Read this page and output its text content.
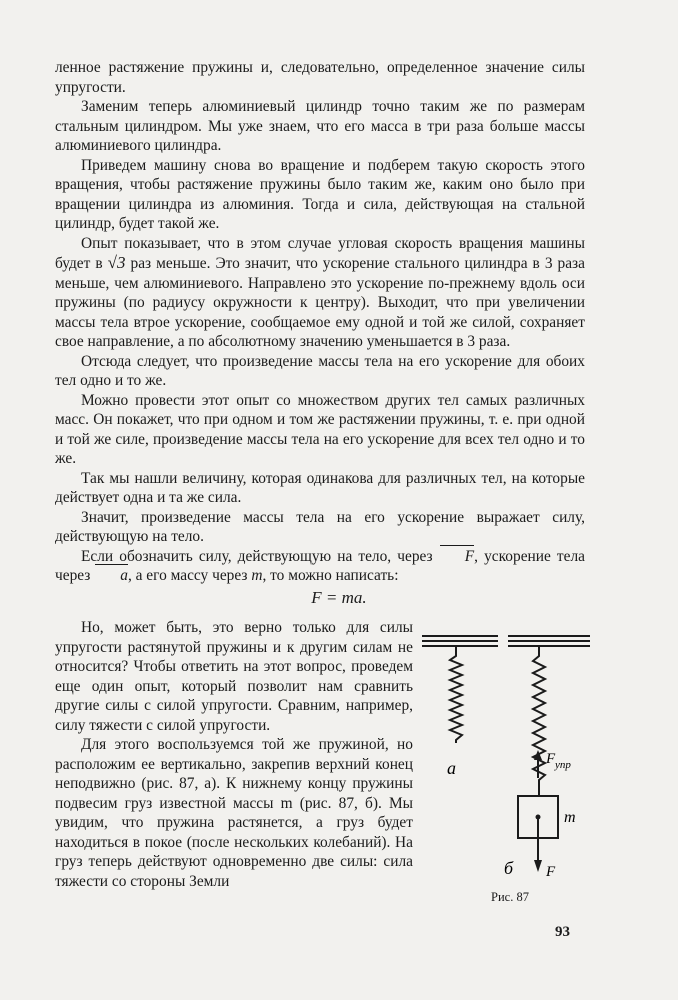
ленное растяжение пружины и, следовательно, определенное значение силы упругости.

Заменим теперь алюминиевый цилиндр точно таким же по размерам стальным цилиндром. Мы уже знаем, что его масса в три раза больше массы алюминиевого цилиндра.

Приведем машину снова во вращение и подберем такую скорость этого вращения, чтобы растяжение пружины было таким же, каким оно было при вращении цилиндра из алюминия. Тогда и сила, действующая на стальной цилиндр, будет такой же.

Опыт показывает, что в этом случае угловая скорость вращения машины будет в √3 раз меньше. Это значит, что ускорение стального цилиндра в 3 раза меньше, чем алюминиевого. Направлено это ускорение по-прежнему вдоль оси пружины (по радиусу окружности к центру). Выходит, что при увеличении массы тела втрое ускорение, сообщаемое ему одной и той же силой, сохраняет свое направление, а по абсолютному значению уменьшается в 3 раза.

Отсюда следует, что произведение массы тела на его ускорение для обоих тел одно и то же.

Можно провести этот опыт со множеством других тел самых различных масс. Он покажет, что при одном и том же растяжении пружины, т. е. при одной и той же силе, произведение массы тела на его ускорение для всех тел одно и то же.

Так мы нашли величину, которая одинакова для различных тел, на которые действует одна и та же сила.

Значит, произведение массы тела на его ускорение выражает силу, действующую на тело.

Если обозначить силу, действующую на тело, через F, ускорение тела через a, а его массу через m, то можно написать:

F = ma.

Но, может быть, это верно только для силы упругости растянутой пружины и к другим силам не относится? Чтобы ответить на этот вопрос, проведем еще один опыт, который позволит нам сравнить другие силы с силой упругости. Сравним, например, силу тяжести с силой упругости.

Для этого воспользуемся той же пружиной, но расположим ее вертикально, закрепив верхний конец неподвижно (рис. 87, а). К нижнему концу пружины подвесим груз известной массы m (рис. 87, б). Мы увидим, что пружина растянется, а груз будет находиться в покое (после нескольких колебаний). На груз теперь действуют одновременно две силы: сила тяжести со стороны Земли

а
б
m
F упр
F
Рис. 87
93
